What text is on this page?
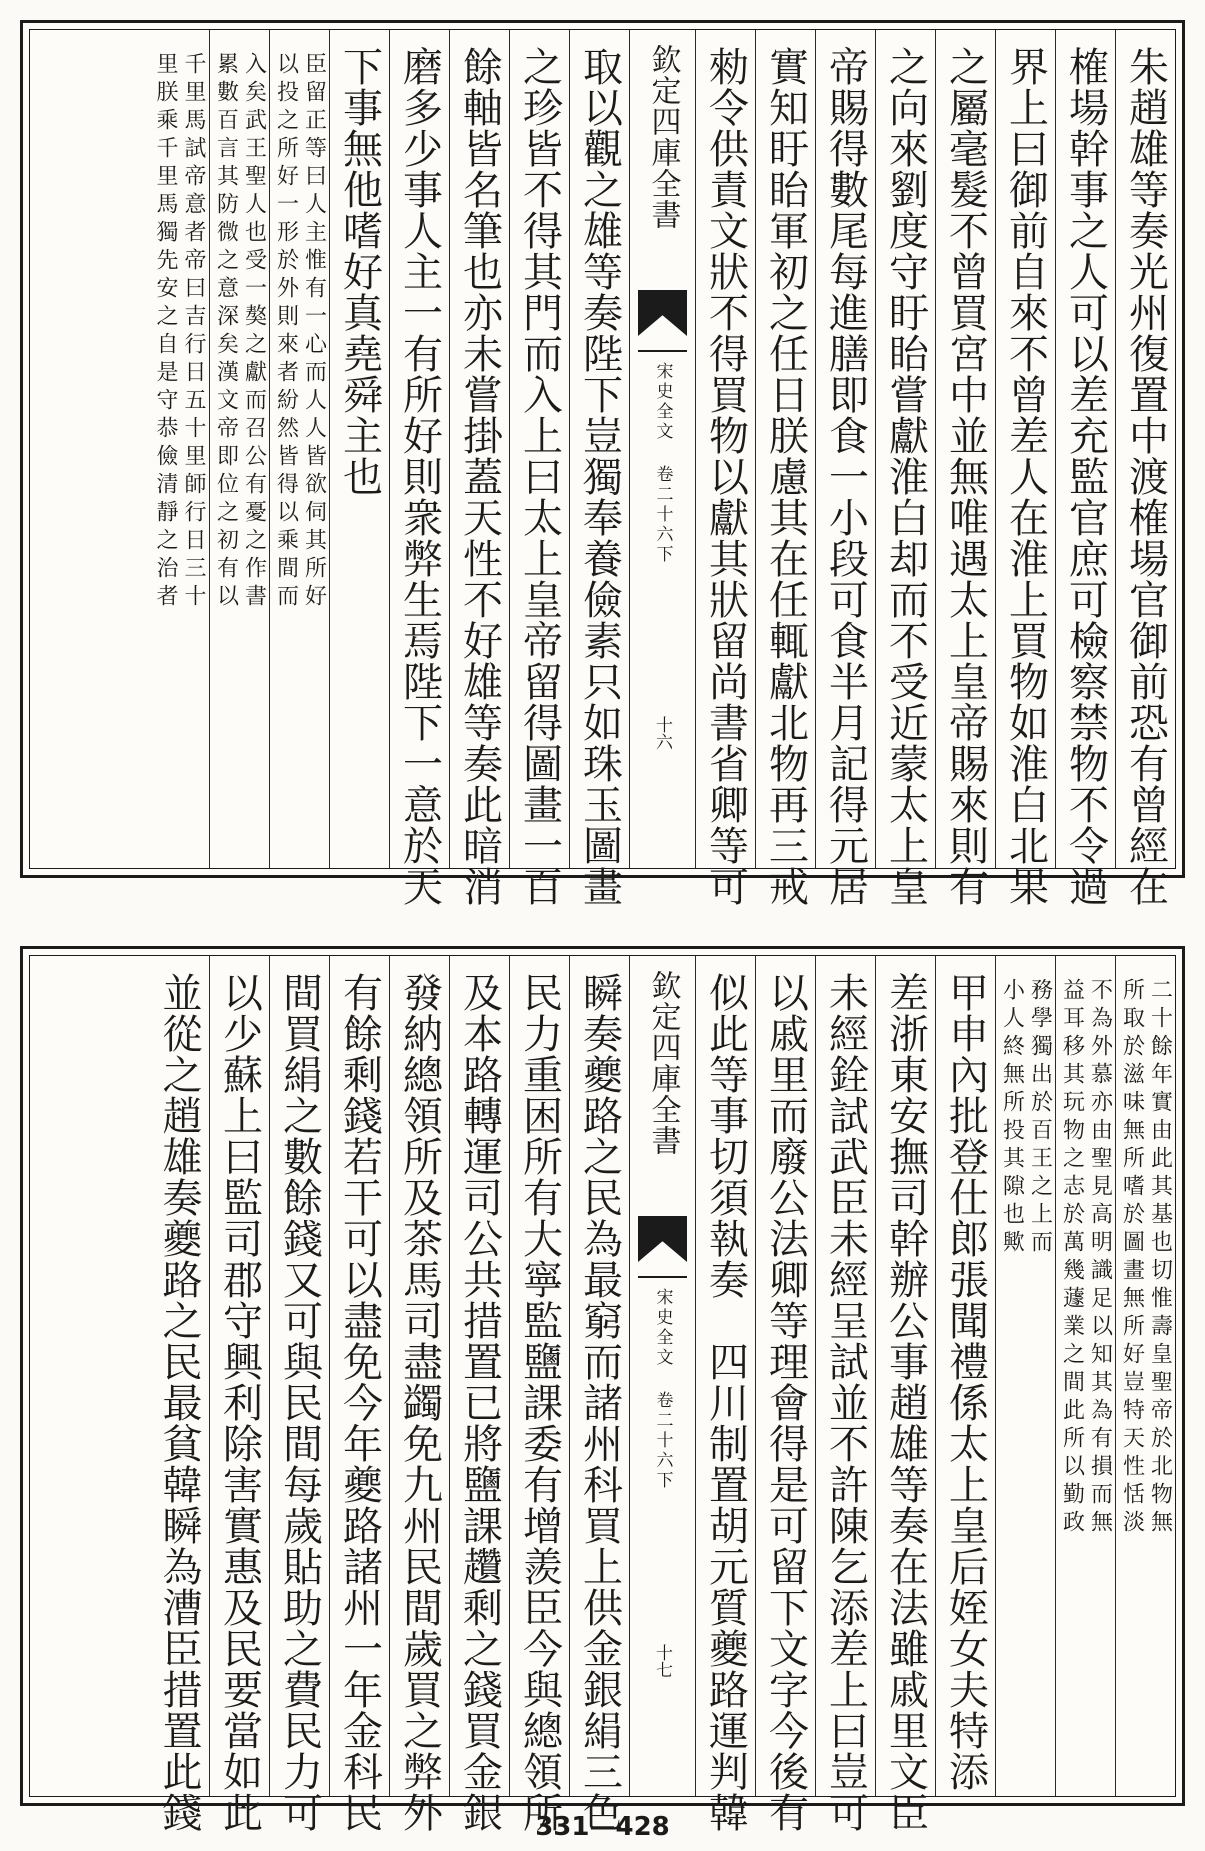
朱趙雄等奏光州復置中渡榷場官御前恐有曾經在
榷場幹事之人可以差充監官庶可檢察禁物不令過
界上曰御前自來不曾差人在淮上買物如淮白北果
之屬毫髮不曾買宮中並無唯遇太上皇帝賜來則有
之向來劉度守盱眙嘗獻淮白却而不受近蒙太上皇
帝賜得數尾每進膳即食一小段可食半月記得元居
實知盱眙軍初之任日朕慮其在任輒獻北物再三戒
勑令供責文狀不得買物以獻其狀留尚書省卿等可
欽定四庫全書
宋史全文 卷二十六下
十六
取以觀之雄等奏陛下豈獨奉養儉素只如珠玉圖畫
之珍皆不得其門而入上曰太上皇帝留得圖畫一百
餘軸皆名筆也亦未嘗掛蓋天性不好雄等奏此暗消
磨多少事人主一有所好則衆弊生焉陛下一意於天
下事無他嗜好真堯舜主也
臣留正等曰人主惟有一心而人人皆欲伺其所好
以投之所好一形於外則來者紛然皆得以乘間而
入矣武王聖人也受一獒之獻而召公有憂之作書
累數百言其防微之意深矣漢文帝即位之初有以
千里馬試帝意者帝曰吉行日五十里師行日三十
里朕乘千里馬獨先安之自是守恭儉清靜之治者
二十餘年實由此其基也切惟壽皇聖帝於北物無
所取於滋味無所嗜於圖畫無所好豈特天性恬淡
不為外慕亦由聖見高明識足以知其為有損而無
益耳移其玩物之志於萬幾蘧業之間此所以勤政
務學獨出於百王之上而
小人終無所投其隙也歟
甲申內批登仕郎張聞禮係太上皇后姪女夫特添
差浙東安撫司幹辦公事趙雄等奏在法雖戚里文臣
未經銓試武臣未經呈試並不許陳乞添差上曰豈可
以戚里而廢公法卿等理會得是可留下文字今後有
似此等事切須執奏　四川制置胡元質夔路運判韓
欽定四庫全書
宋史全文 卷二十六下
十七
瞬奏夔路之民為最窮而諸州科買上供金銀絹三色
民力重困所有大寧監鹽課委有增羨臣今與總領所
及本路轉運司公共措置已將鹽課趲剩之錢買金銀
發納總領所及茶馬司盡蠲免九州民間歲買之弊外
有餘剩錢若干可以盡免今年夔路諸州一年金科民
間買絹之數餘錢又可與民間每歲貼助之費民力可
以少蘇上曰監司郡守興利除害實惠及民要當如此
並從之趙雄奏夔路之民最貧韓瞬為漕臣措置此錢	331—428
